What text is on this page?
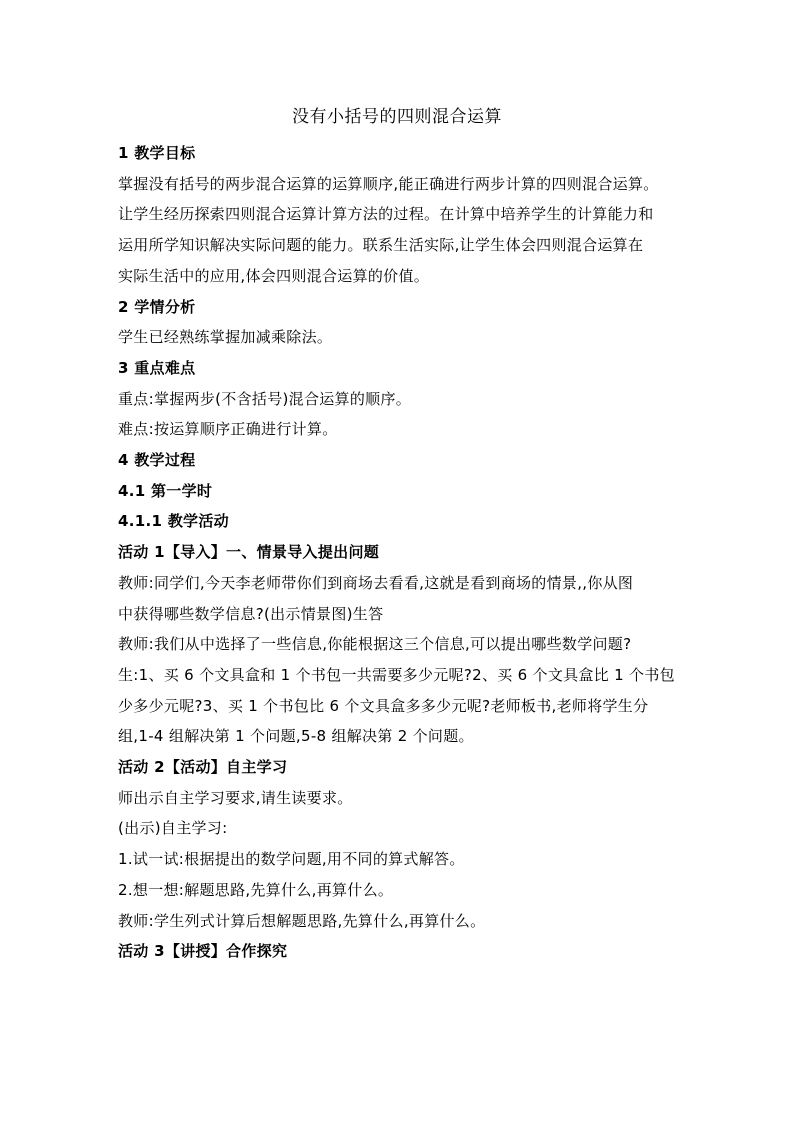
没有小括号的四则混合运算
1 教学目标
掌握没有括号的两步混合运算的运算顺序,能正确进行两步计算的四则混合运算。
让学生经历探索四则混合运算计算方法的过程。在计算中培养学生的计算能力和
运用所学知识解决实际问题的能力。联系生活实际,让学生体会四则混合运算在
实际生活中的应用,体会四则混合运算的价值。
2 学情分析
学生已经熟练掌握加减乘除法。
3 重点难点
重点:掌握两步(不含括号)混合运算的顺序。
难点:按运算顺序正确进行计算。
4 教学过程
4.1 第一学时
4.1.1 教学活动
活动 1【导入】一、情景导入提出问题
教师:同学们,今天李老师带你们到商场去看看,这就是看到商场的情景,,你从图
中获得哪些数学信息?(出示情景图)生答
教师:我们从中选择了一些信息,你能根据这三个信息,可以提出哪些数学问题?
生:1、买 6 个文具盒和 1 个书包一共需要多少元呢?2、买 6 个文具盒比 1 个书包
少多少元呢?3、买 1 个书包比 6 个文具盒多多少元呢?老师板书,老师将学生分
组,1-4 组解决第 1 个问题,5-8 组解决第 2 个问题。
活动 2【活动】自主学习
师出示自主学习要求,请生读要求。
(出示)自主学习:
1.试一试:根据提出的数学问题,用不同的算式解答。
2.想一想:解题思路,先算什么,再算什么。
教师:学生列式计算后想解题思路,先算什么,再算什么。
活动 3【讲授】合作探究
